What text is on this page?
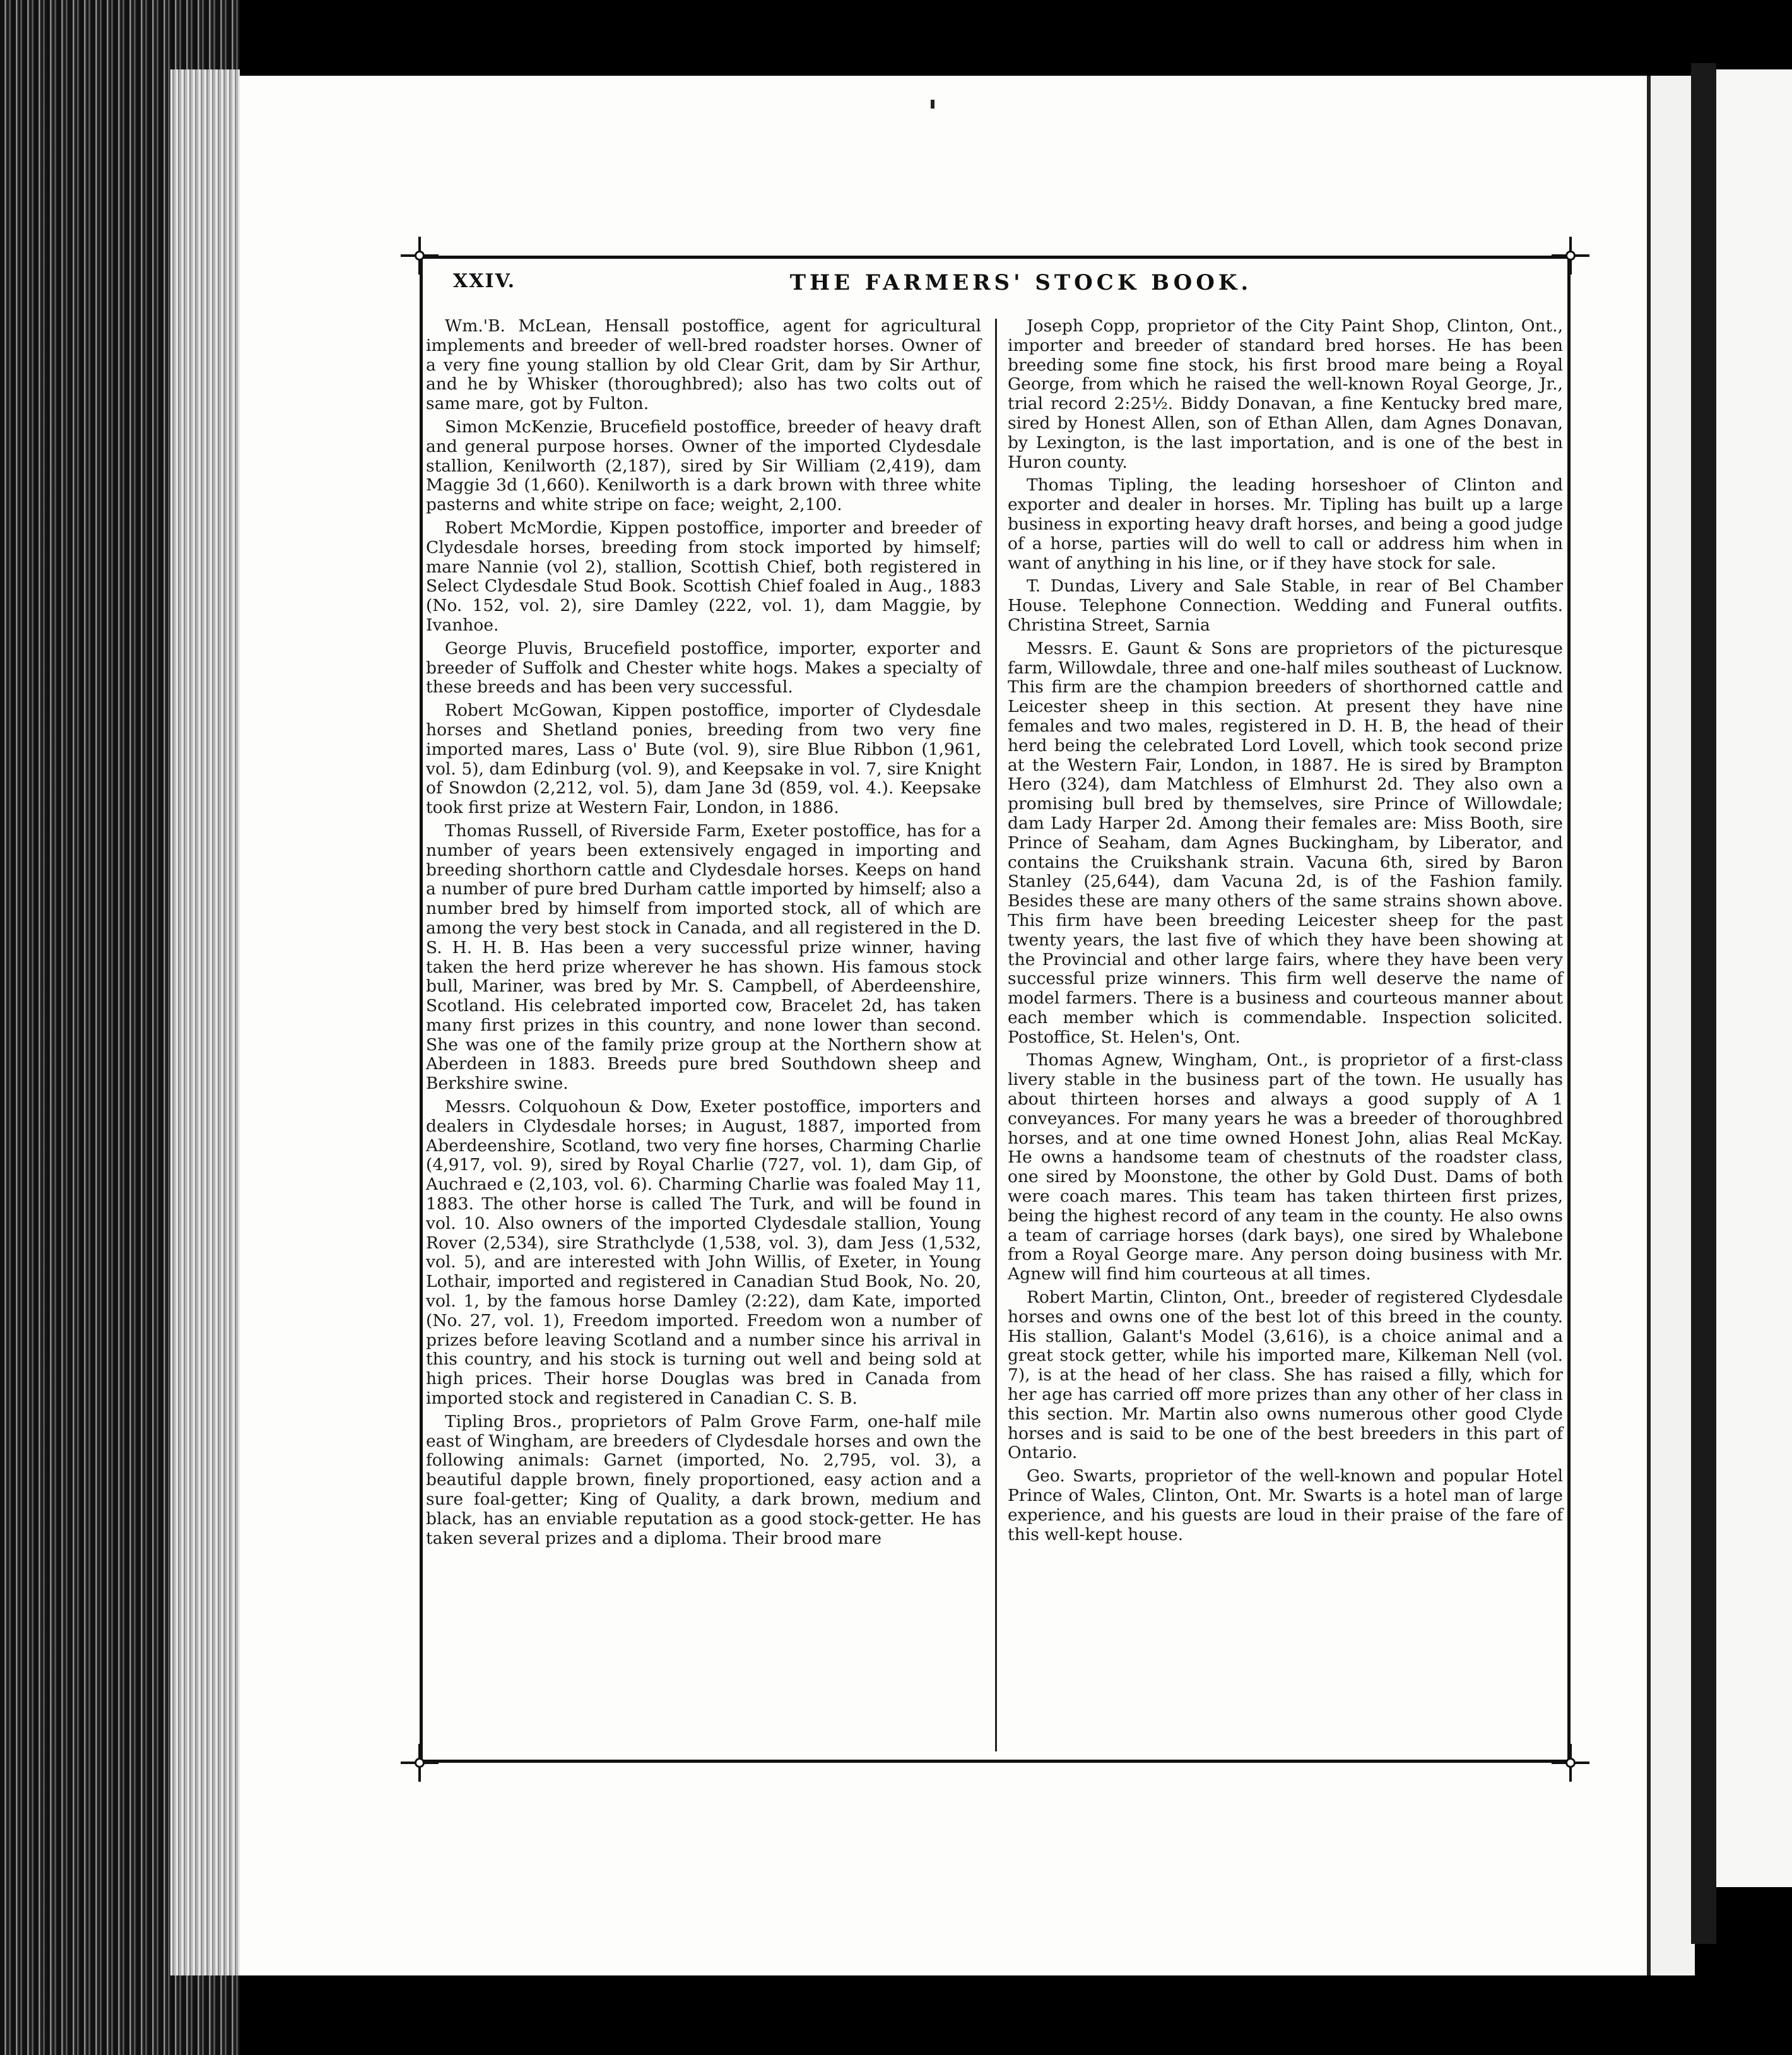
XXIV.	THE FARMERS' STOCK BOOK.

Wm.'B. McLean, Hensall postoffice, agent for agricultural implements and breeder of well-bred roadster horses. Owner of a very fine young stallion by old Clear Grit, dam by Sir Arthur, and he by Whisker (thoroughbred); also has two colts out of same mare, got by Fulton.

Simon McKenzie, Brucefield postoffice, breeder of heavy draft and general purpose horses. Owner of the imported Clydesdale stallion, Kenilworth (2,187), sired by Sir William (2,419), dam Maggie 3d (1,660). Kenilworth is a dark brown with three white pasterns and white stripe on face; weight, 2,100.

Robert McMordie, Kippen postoffice, importer and breeder of Clydesdale horses, breeding from stock imported by himself; mare Nannie (vol 2), stallion, Scottish Chief, both registered in Select Clydesdale Stud Book. Scottish Chief foaled in Aug., 1883 (No. 152, vol. 2), sire Damley (222, vol. 1), dam Maggie, by Ivanhoe.

George Pluvis, Brucefield postoffice, importer, exporter and breeder of Suffolk and Chester white hogs. Makes a specialty of these breeds and has been very successful.

Robert McGowan, Kippen postoffice, importer of Clydesdale horses and Shetland ponies, breeding from two very fine imported mares, Lass o' Bute (vol. 9), sire Blue Ribbon (1,961, vol. 5), dam Edinburg (vol. 9), and Keepsake in vol. 7, sire Knight of Snowdon (2,212, vol. 5), dam Jane 3d (859, vol. 4.). Keepsake took first prize at Western Fair, London, in 1886.

Thomas Russell, of Riverside Farm, Exeter postoffice, has for a number of years been extensively engaged in importing and breeding shorthorn cattle and Clydesdale horses. Keeps on hand a number of pure bred Durham cattle imported by himself; also a number bred by himself from imported stock, all of which are among the very best stock in Canada, and all registered in the D. S. H. H. B. Has been a very successful prize winner, having taken the herd prize wherever he has shown. His famous stock bull, Mariner, was bred by Mr. S. Campbell, of Aberdeenshire, Scotland. His celebrated imported cow, Bracelet 2d, has taken many first prizes in this country, and none lower than second. She was one of the family prize group at the Northern show at Aberdeen in 1883. Breeds pure bred Southdown sheep and Berkshire swine.

Messrs. Colquohoun & Dow, Exeter postoffice, importers and dealers in Clydesdale horses; in August, 1887, imported from Aberdeenshire, Scotland, two very fine horses, Charming Charlie (4,917, vol. 9), sired by Royal Charlie (727, vol. 1), dam Gip, of Auchraed e (2,103, vol. 6). Charming Charlie was foaled May 11, 1883. The other horse is called The Turk, and will be found in vol. 10. Also owners of the imported Clydesdale stallion, Young Rover (2,534), sire Strathclyde (1,538, vol. 3), dam Jess (1,532, vol. 5), and are interested with John Willis, of Exeter, in Young Lothair, imported and registered in Canadian Stud Book, No. 20, vol. 1, by the famous horse Damley (2:22), dam Kate, imported (No. 27, vol. 1), Freedom imported. Freedom won a number of prizes before leaving Scotland and a number since his arrival in this country, and his stock is turning out well and being sold at high prices. Their horse Douglas was bred in Canada from imported stock and registered in Canadian C. S. B.

Tipling Bros., proprietors of Palm Grove Farm, one-half mile east of Wingham, are breeders of Clydesdale horses and own the following animals: Garnet (imported, No. 2,795, vol. 3), a beautiful dapple brown, finely proportioned, easy action and a sure foal-getter; King of Quality, a dark brown, medium and black, has an enviable reputation as a good stock-getter. He has taken several prizes and a diploma. Their brood mare

Joseph Copp, proprietor of the City Paint Shop, Clinton, Ont., importer and breeder of standard bred horses. He has been breeding some fine stock, his first brood mare being a Royal George, from which he raised the well-known Royal George, Jr., trial record 2:25½. Biddy Donavan, a fine Kentucky bred mare, sired by Honest Allen, son of Ethan Allen, dam Agnes Donavan, by Lexington, is the last importation, and is one of the best in Huron county.

Thomas Tipling, the leading horseshoer of Clinton and exporter and dealer in horses. Mr. Tipling has built up a large business in exporting heavy draft horses, and being a good judge of a horse, parties will do well to call or address him when in want of anything in his line, or if they have stock for sale.

T. Dundas, Livery and Sale Stable, in rear of Bel Chamber House. Telephone Connection. Wedding and Funeral outfits. Christina Street, Sarnia

Messrs. E. Gaunt & Sons are proprietors of the picturesque farm, Willowdale, three and one-half miles southeast of Lucknow. This firm are the champion breeders of shorthorned cattle and Leicester sheep in this section. At present they have nine females and two males, registered in D. H. B, the head of their herd being the celebrated Lord Lovell, which took second prize at the Western Fair, London, in 1887. He is sired by Brampton Hero (324), dam Matchless of Elmhurst 2d. They also own a promising bull bred by themselves, sire Prince of Willowdale; dam Lady Harper 2d. Among their females are: Miss Booth, sire Prince of Seaham, dam Agnes Buckingham, by Liberator, and contains the Cruikshank strain. Vacuna 6th, sired by Baron Stanley (25,644), dam Vacuna 2d, is of the Fashion family. Besides these are many others of the same strains shown above. This firm have been breeding Leicester sheep for the past twenty years, the last five of which they have been showing at the Provincial and other large fairs, where they have been very successful prize winners. This firm well deserve the name of model farmers. There is a business and courteous manner about each member which is commendable. Inspection solicited. Postoffice, St. Helen's, Ont.

Thomas Agnew, Wingham, Ont., is proprietor of a first-class livery stable in the business part of the town. He usually has about thirteen horses and always a good supply of A 1 conveyances. For many years he was a breeder of thoroughbred horses, and at one time owned Honest John, alias Real McKay. He owns a handsome team of chestnuts of the roadster class, one sired by Moonstone, the other by Gold Dust. Dams of both were coach mares. This team has taken thirteen first prizes, being the highest record of any team in the county. He also owns a team of carriage horses (dark bays), one sired by Whalebone from a Royal George mare. Any person doing business with Mr. Agnew will find him courteous at all times.

Robert Martin, Clinton, Ont., breeder of registered Clydesdale horses and owns one of the best lot of this breed in the county. His stallion, Galant's Model (3,616), is a choice animal and a great stock getter, while his imported mare, Kilkeman Nell (vol. 7), is at the head of her class. She has raised a filly, which for her age has carried off more prizes than any other of her class in this section. Mr. Martin also owns numerous other good Clyde horses and is said to be one of the best breeders in this part of Ontario.

Geo. Swarts, proprietor of the well-known and popular Hotel Prince of Wales, Clinton, Ont. Mr. Swarts is a hotel man of large experience, and his guests are loud in their praise of the fare of this well-kept house.
